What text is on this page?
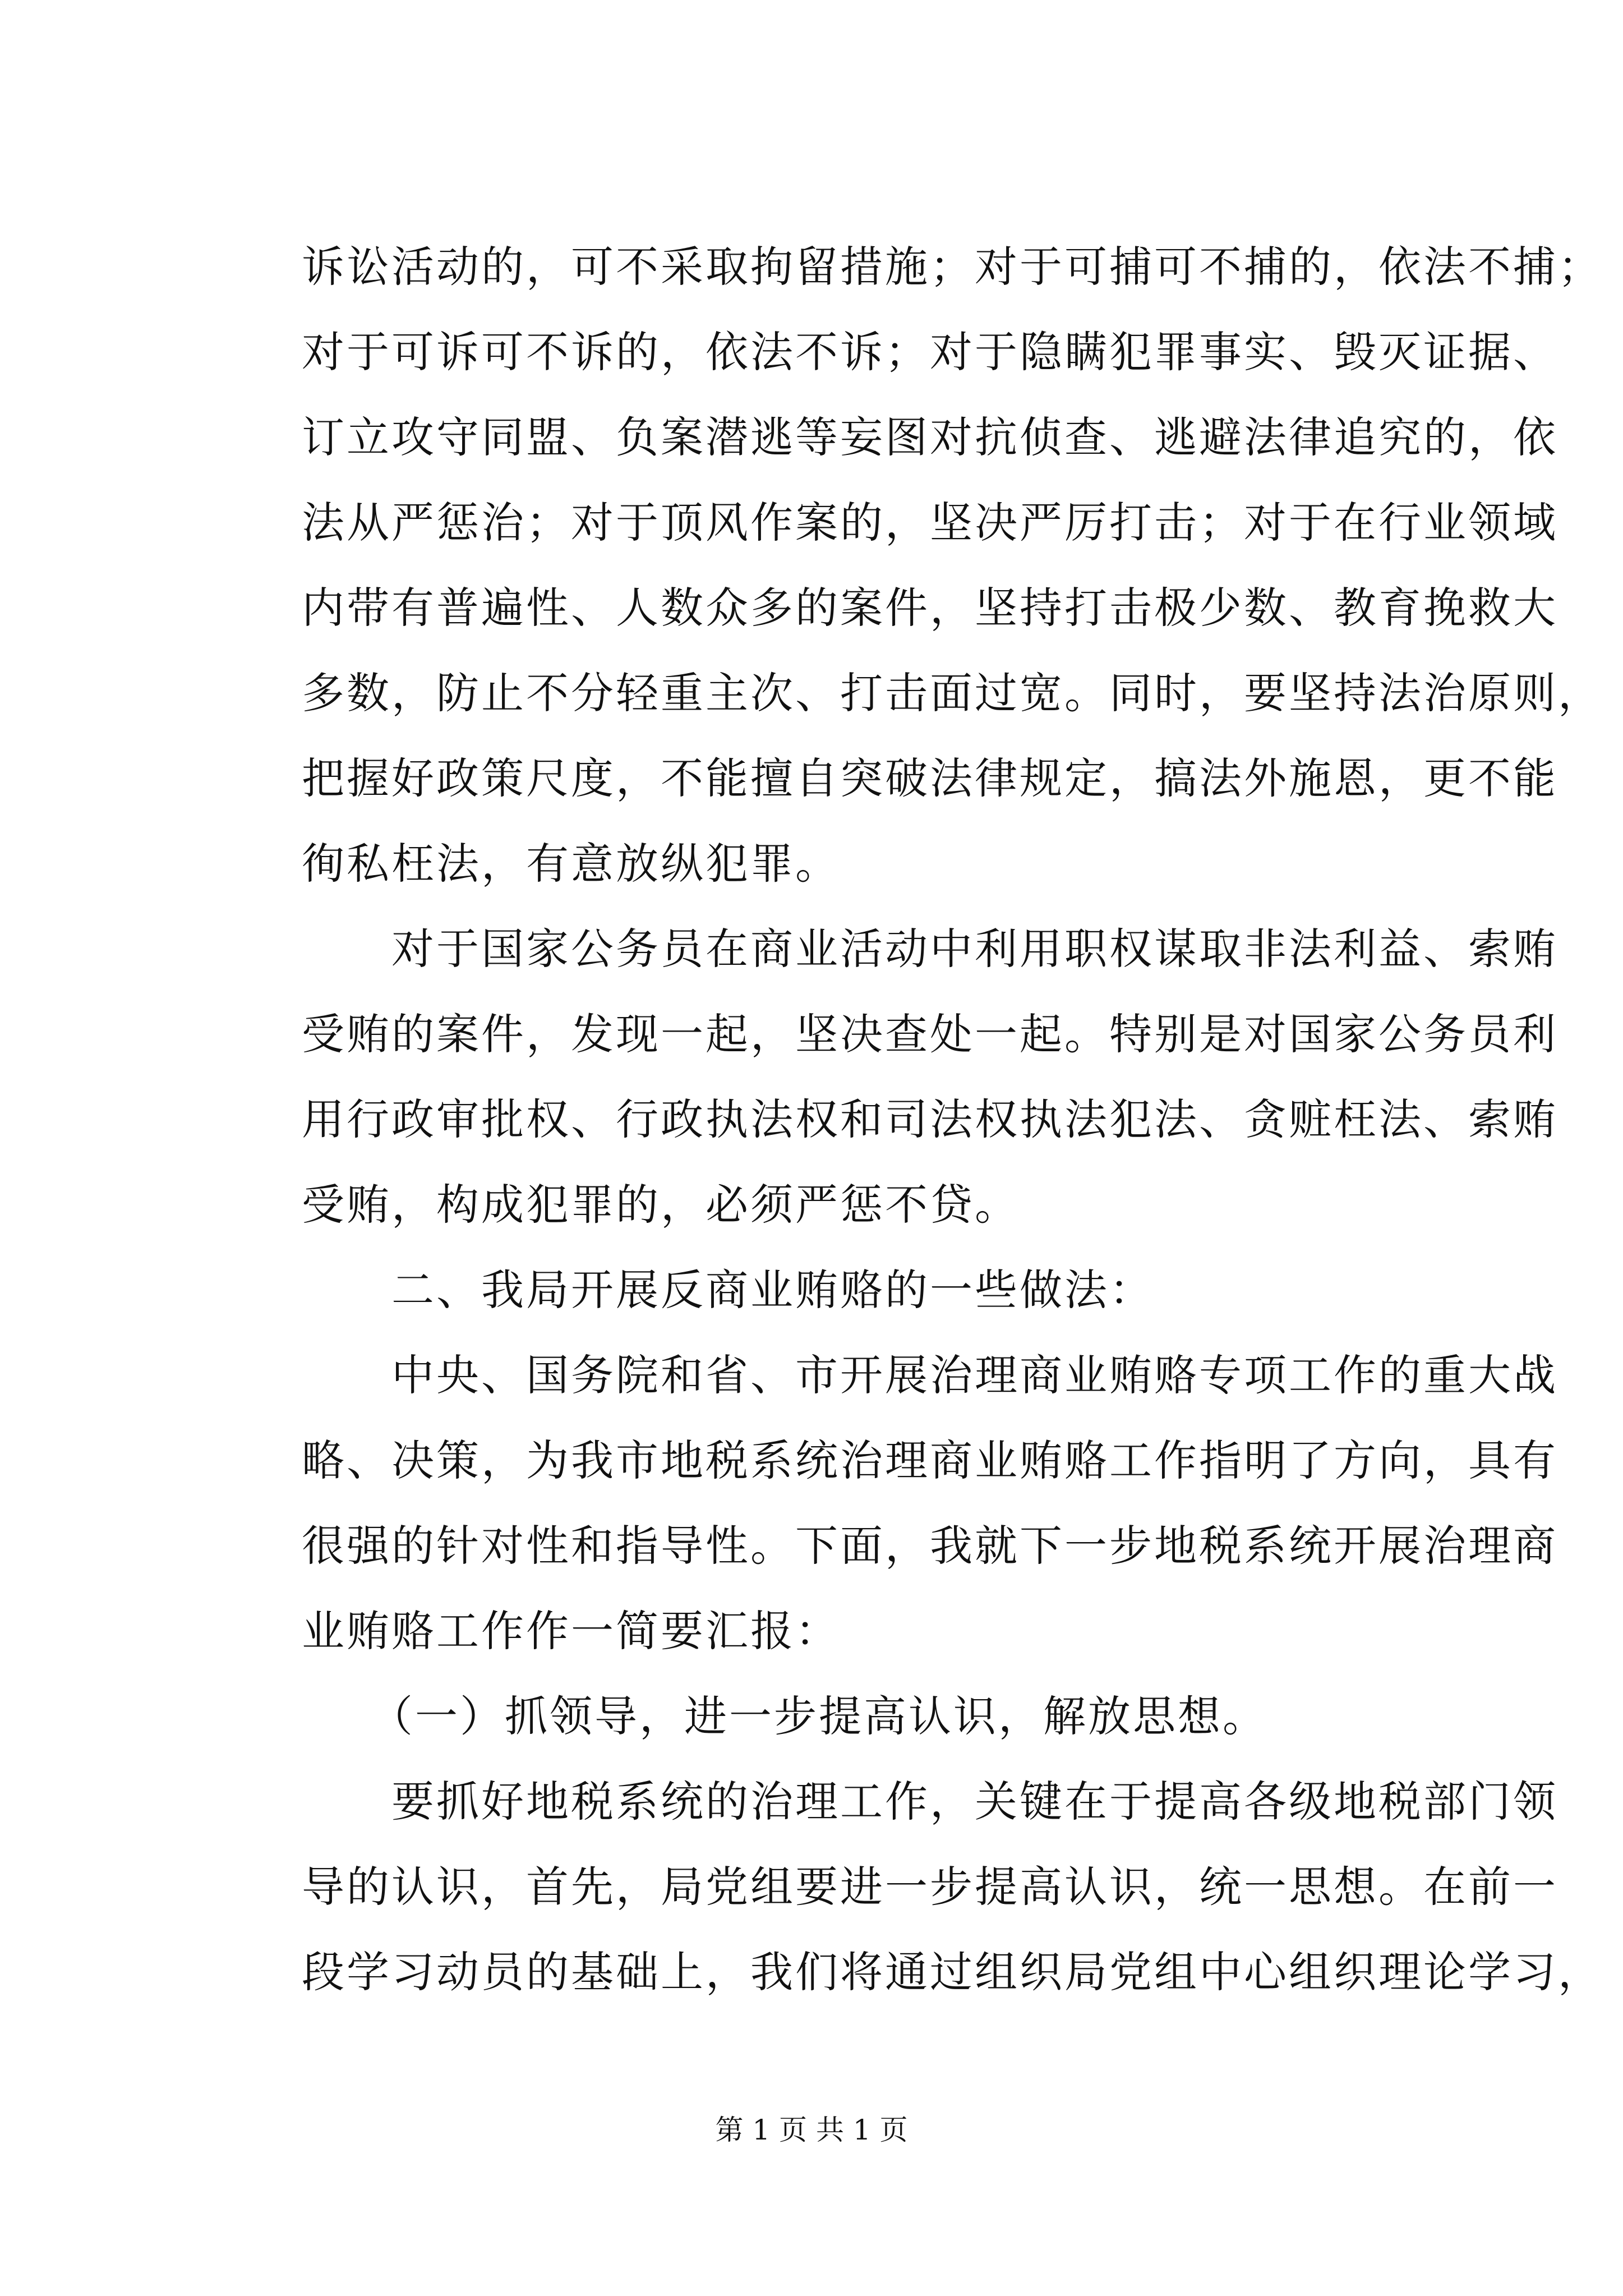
诉讼活动的，可不采取拘留措施；对于可捕可不捕的，依法不捕；
对于可诉可不诉的，依法不诉；对于隐瞒犯罪事实、毁灭证据、
订立攻守同盟、负案潜逃等妄图对抗侦查、逃避法律追究的，依
法从严惩治；对于顶风作案的，坚决严厉打击；对于在行业领域
内带有普遍性、人数众多的案件，坚持打击极少数、教育挽救大
多数，防止不分轻重主次、打击面过宽。同时，要坚持法治原则，
把握好政策尺度，不能擅自突破法律规定，搞法外施恩，更不能
徇私枉法，有意放纵犯罪。
　　对于国家公务员在商业活动中利用职权谋取非法利益、索贿
受贿的案件，发现一起，坚决查处一起。特别是对国家公务员利
用行政审批权、行政执法权和司法权执法犯法、贪赃枉法、索贿
受贿，构成犯罪的，必须严惩不贷。
　　二、我局开展反商业贿赂的一些做法：
　　中央、国务院和省、市开展治理商业贿赂专项工作的重大战
略、决策，为我市地税系统治理商业贿赂工作指明了方向，具有
很强的针对性和指导性。下面，我就下一步地税系统开展治理商
业贿赂工作作一简要汇报：
　　（一）抓领导，进一步提高认识，解放思想。
　　要抓好地税系统的治理工作，关键在于提高各级地税部门领
导的认识，首先，局党组要进一步提高认识，统一思想。在前一
段学习动员的基础上，我们将通过组织局党组中心组织理论学习，
第 1 页 共 1 页
